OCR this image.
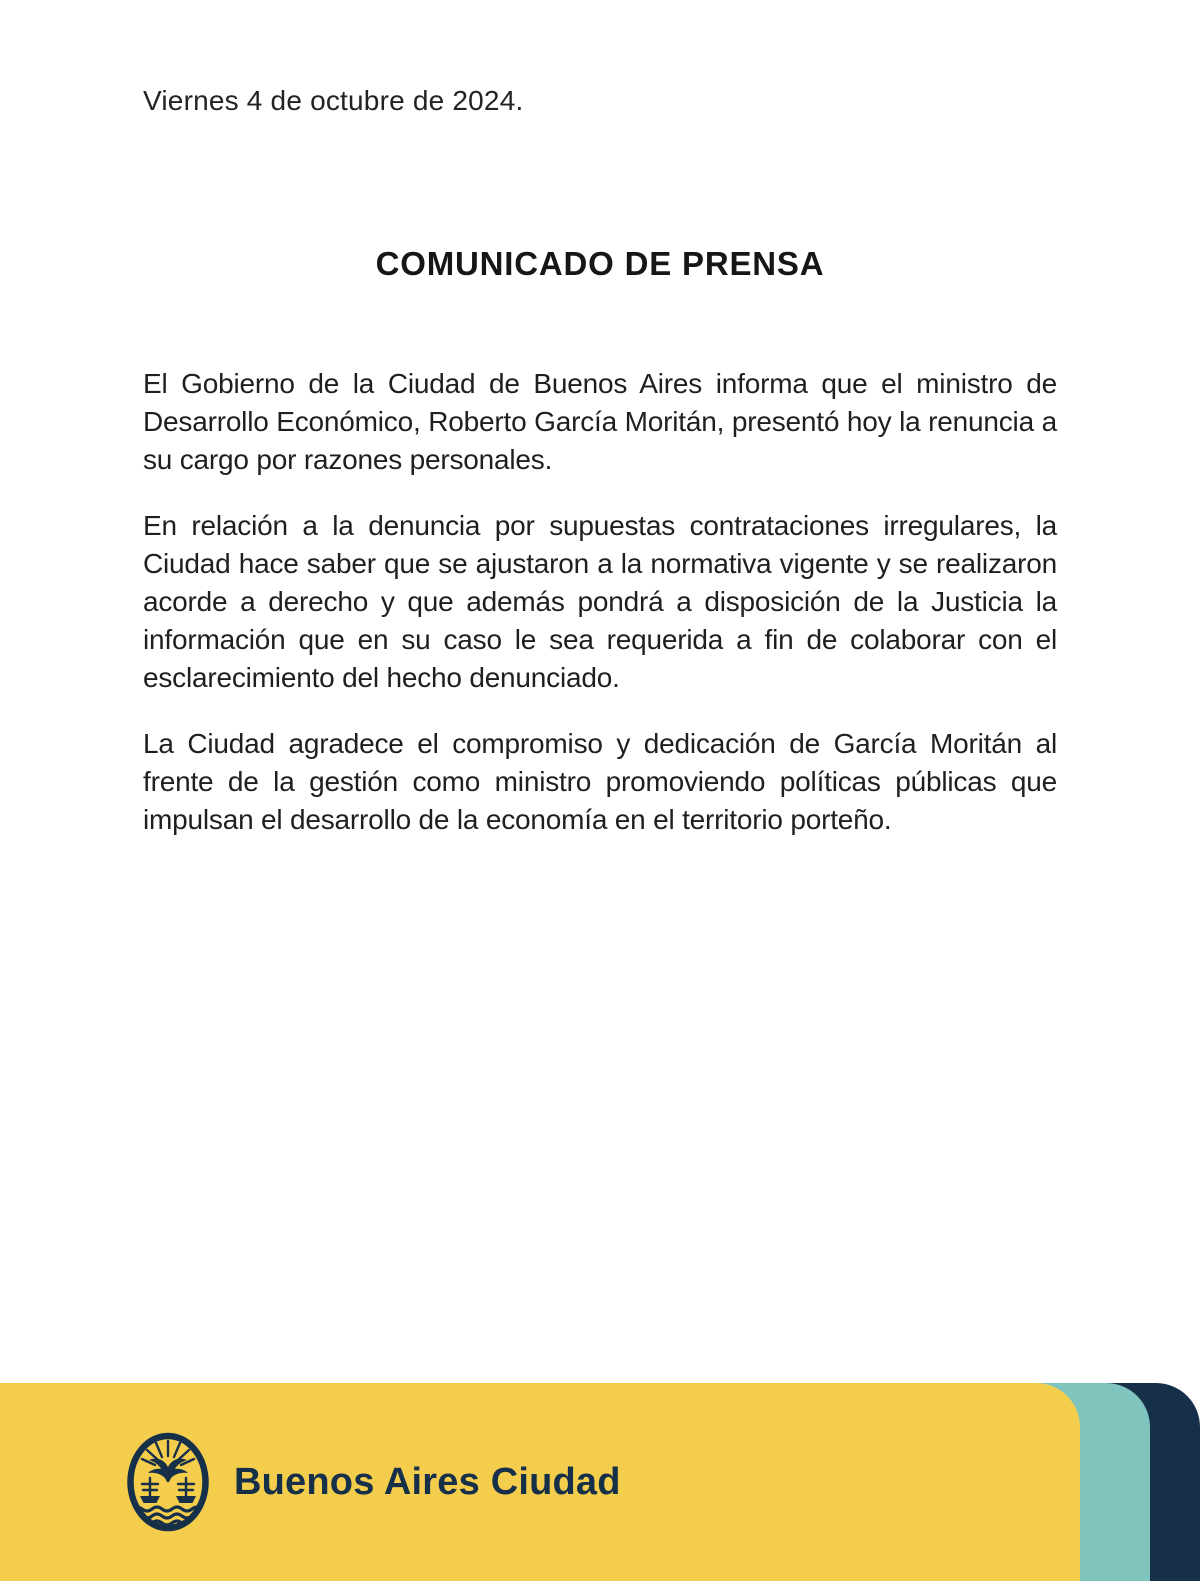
Viernes 4 de octubre de 2024.
COMUNICADO DE PRENSA

El Gobierno de la Ciudad de Buenos Aires informa que el ministro de Desarrollo Económico, Roberto García Moritán, presentó hoy la renuncia a su cargo por razones personales.

En relación a la denuncia por supuestas contrataciones irregulares, la Ciudad hace saber que se ajustaron a la normativa vigente y se realizaron acorde a derecho y que además pondrá a disposición de la Justicia la información que en su caso le sea requerida a fin de colaborar con el esclarecimiento del hecho denunciado.

La Ciudad agradece el compromiso y dedicación de García Moritán al frente de la gestión como ministro promoviendo políticas públicas que impulsan el desarrollo de la economía en el territorio porteño.

Buenos Aires Ciudad
